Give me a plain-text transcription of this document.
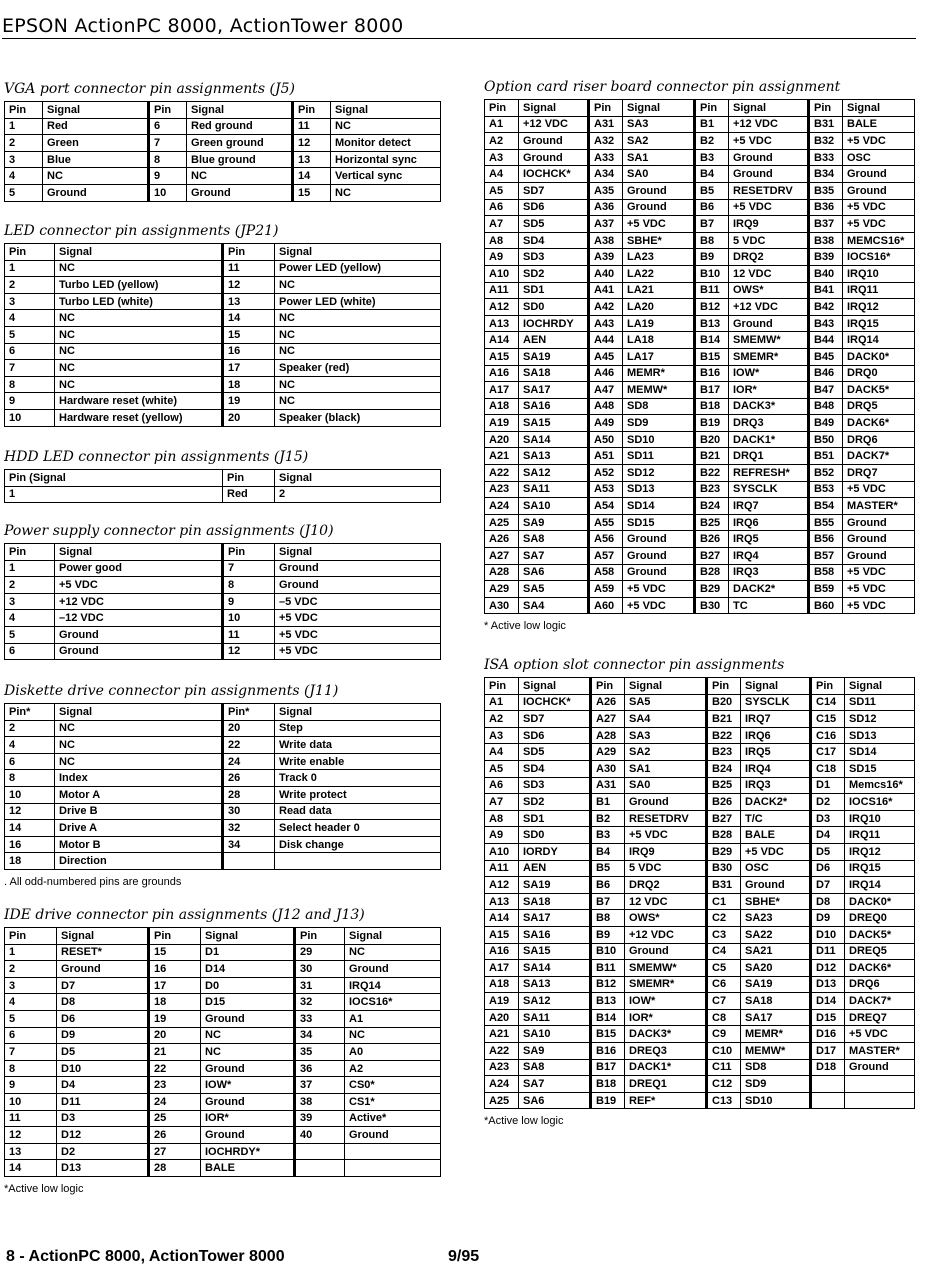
EPSON ActionPC 8000, ActionTower 8000
VGA port connector pin assignments (J5)
Pin	Signal	Pin	Signal	Pin	Signal
1	Red	6	Red ground	11	NC
2	Green	7	Green ground	12	Monitor detect
3	Blue	8	Blue ground	13	Horizontal sync
4	NC	9	NC	14	Vertical sync
5	Ground	10	Ground	15	NC
LED connector pin assignments (JP21)
Pin	Signal	Pin	Signal
1	NC	11	Power LED (yellow)
2	Turbo LED (yellow)	12	NC
3	Turbo LED (white)	13	Power LED (white)
4	NC	14	NC
5	NC	15	NC
6	NC	16	NC
7	NC	17	Speaker (red)
8	NC	18	NC
9	Hardware reset (white)	19	NC
10	Hardware reset (yellow)	20	Speaker (black)
HDD LED connector pin assignments (J15)
Pin (Signal	Pin	Signal	
1	Red	2	
Power supply connector pin assignments (J10)
Pin	Signal	Pin	Signal
1	Power good	7	Ground
2	+5 VDC	8	Ground
3	+12 VDC	9	–5 VDC
4	–12 VDC	10	+5 VDC
5	Ground	11	+5 VDC
6	Ground	12	+5 VDC
Diskette drive connector pin assignments (J11)
Pin*	Signal	Pin*	Signal
2	NC	20	Step
4	NC	22	Write data
6	NC	24	Write enable
8	Index	26	Track 0
10	Motor A	28	Write protect
12	Drive B	30	Read data
14	Drive A	32	Select header 0
16	Motor B	34	Disk change
18	Direction		
. All odd-numbered pins are grounds
IDE drive connector pin assignments (J12 and J13)
Pin	Signal	Pin	Signal	Pin	Signal
1	RESET*	15	D1	29	NC
2	Ground	16	D14	30	Ground
3	D7	17	D0	31	IRQ14
4	D8	18	D15	32	IOCS16*
5	D6	19	Ground	33	A1
6	D9	20	NC	34	NC
7	D5	21	NC	35	A0
8	D10	22	Ground	36	A2
9	D4	23	IOW*	37	CS0*
10	D11	24	Ground	38	CS1*
11	D3	25	IOR*	39	Active*
12	D12	26	Ground	40	Ground
13	D2	27	IOCHRDY*		
14	D13	28	BALE		
*Active low logic
Option card riser board connector pin assignment
Pin	Signal	Pin	Signal	Pin	Signal	Pin	Signal
A1	+12 VDC	A31	SA3	B1	+12 VDC	B31	BALE
A2	Ground	A32	SA2	B2	+5 VDC	B32	+5 VDC
A3	Ground	A33	SA1	B3	Ground	B33	OSC
A4	IOCHCK*	A34	SA0	B4	Ground	B34	Ground
A5	SD7	A35	Ground	B5	RESETDRV	B35	Ground
A6	SD6	A36	Ground	B6	+5 VDC	B36	+5 VDC
A7	SD5	A37	+5 VDC	B7	IRQ9	B37	+5 VDC
A8	SD4	A38	SBHE*	B8	5 VDC	B38	MEMCS16*
A9	SD3	A39	LA23	B9	DRQ2	B39	IOCS16*
A10	SD2	A40	LA22	B10	12 VDC	B40	IRQ10
A11	SD1	A41	LA21	B11	OWS*	B41	IRQ11
A12	SD0	A42	LA20	B12	+12 VDC	B42	IRQ12
A13	IOCHRDY	A43	LA19	B13	Ground	B43	IRQ15
A14	AEN	A44	LA18	B14	SMEMW*	B44	IRQ14
A15	SA19	A45	LA17	B15	SMEMR*	B45	DACK0*
A16	SA18	A46	MEMR*	B16	IOW*	B46	DRQ0
A17	SA17	A47	MEMW*	B17	IOR*	B47	DACK5*
A18	SA16	A48	SD8	B18	DACK3*	B48	DRQ5
A19	SA15	A49	SD9	B19	DRQ3	B49	DACK6*
A20	SA14	A50	SD10	B20	DACK1*	B50	DRQ6
A21	SA13	A51	SD11	B21	DRQ1	B51	DACK7*
A22	SA12	A52	SD12	B22	REFRESH*	B52	DRQ7
A23	SA11	A53	SD13	B23	SYSCLK	B53	+5 VDC
A24	SA10	A54	SD14	B24	IRQ7	B54	MASTER*
A25	SA9	A55	SD15	B25	IRQ6	B55	Ground
A26	SA8	A56	Ground	B26	IRQ5	B56	Ground
A27	SA7	A57	Ground	B27	IRQ4	B57	Ground
A28	SA6	A58	Ground	B28	IRQ3	B58	+5 VDC
A29	SA5	A59	+5 VDC	B29	DACK2*	B59	+5 VDC
A30	SA4	A60	+5 VDC	B30	TC	B60	+5 VDC
* Active low logic
ISA option slot connector pin assignments
Pin	Signal	Pin	Signal	Pin	Signal	Pin	Signal
A1	IOCHCK*	A26	SA5	B20	SYSCLK	C14	SD11
A2	SD7	A27	SA4	B21	IRQ7	C15	SD12
A3	SD6	A28	SA3	B22	IRQ6	C16	SD13
A4	SD5	A29	SA2	B23	IRQ5	C17	SD14
A5	SD4	A30	SA1	B24	IRQ4	C18	SD15
A6	SD3	A31	SA0	B25	IRQ3	D1	Memcs16*
A7	SD2	B1	Ground	B26	DACK2*	D2	IOCS16*
A8	SD1	B2	RESETDRV	B27	T/C	D3	IRQ10
A9	SD0	B3	+5 VDC	B28	BALE	D4	IRQ11
A10	IORDY	B4	IRQ9	B29	+5 VDC	D5	IRQ12
A11	AEN	B5	5 VDC	B30	OSC	D6	IRQ15
A12	SA19	B6	DRQ2	B31	Ground	D7	IRQ14
A13	SA18	B7	12 VDC	C1	SBHE*	D8	DACK0*
A14	SA17	B8	OWS*	C2	SA23	D9	DREQ0
A15	SA16	B9	+12 VDC	C3	SA22	D10	DACK5*
A16	SA15	B10	Ground	C4	SA21	D11	DREQ5
A17	SA14	B11	SMEMW*	C5	SA20	D12	DACK6*
A18	SA13	B12	SMEMR*	C6	SA19	D13	DRQ6
A19	SA12	B13	IOW*	C7	SA18	D14	DACK7*
A20	SA11	B14	IOR*	C8	SA17	D15	DREQ7
A21	SA10	B15	DACK3*	C9	MEMR*	D16	+5 VDC
A22	SA9	B16	DREQ3	C10	MEMW*	D17	MASTER*
A23	SA8	B17	DACK1*	C11	SD8	D18	Ground
A24	SA7	B18	DREQ1	C12	SD9		
A25	SA6	B19	REF*	C13	SD10		
*Active low logic
8 - ActionPC 8000, ActionTower 8000	9/95
